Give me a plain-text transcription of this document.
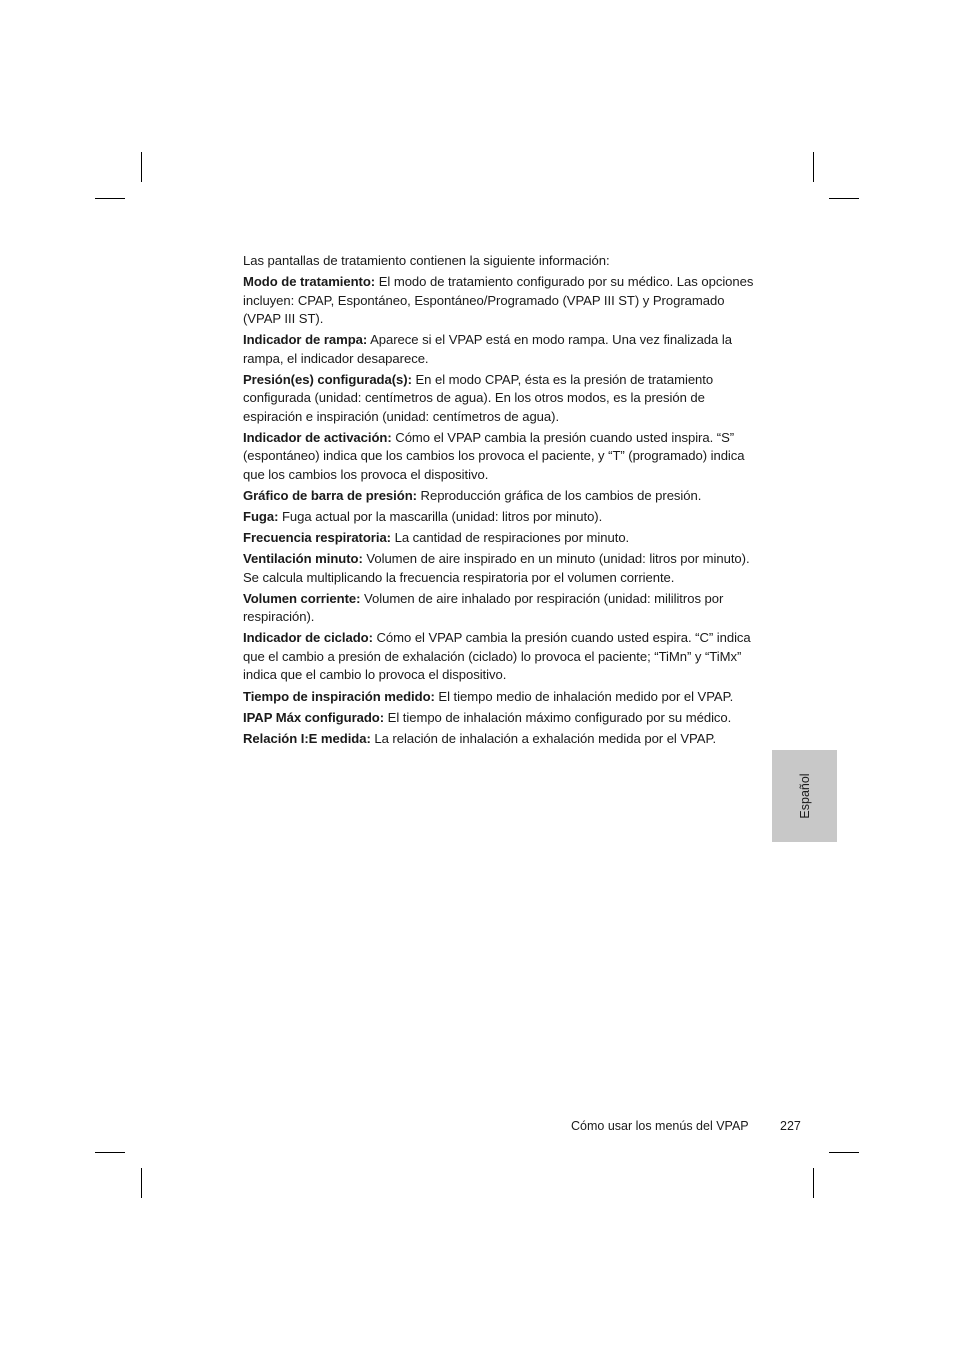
Las pantallas de tratamiento contienen la siguiente información:

Modo de tratamiento: El modo de tratamiento configurado por su médico. Las opciones incluyen: CPAP, Espontáneo, Espontáneo/Programado (VPAP III ST) y Programado (VPAP III ST).

Indicador de rampa: Aparece si el VPAP está en modo rampa. Una vez finalizada la rampa, el indicador desaparece.

Presión(es) configurada(s): En el modo CPAP, ésta es la presión de tratamiento configurada (unidad: centímetros de agua). En los otros modos, es la presión de espiración e inspiración (unidad: centímetros de agua).

Indicador de activación: Cómo el VPAP cambia la presión cuando usted inspira. “S” (espontáneo) indica que los cambios los provoca el paciente, y “T” (programado) indica que los cambios los provoca el dispositivo.

Gráfico de barra de presión: Reproducción gráfica de los cambios de presión.

Fuga: Fuga actual por la mascarilla (unidad: litros por minuto).

Frecuencia respiratoria: La cantidad de respiraciones por minuto.

Ventilación minuto: Volumen de aire inspirado en un minuto (unidad: litros por minuto). Se calcula multiplicando la frecuencia respiratoria por el volumen corriente.

Volumen corriente: Volumen de aire inhalado por respiración (unidad: mililitros por respiración).

Indicador de ciclado: Cómo el VPAP cambia la presión cuando usted espira. “C” indica que el cambio a presión de exhalación (ciclado) lo provoca el paciente; “TiMn” y “TiMx” indica que el cambio lo provoca el dispositivo.

Tiempo de inspiración medido: El tiempo medio de inhalación medido por el VPAP.

IPAP Máx configurado: El tiempo de inhalación máximo configurado por su médico.

Relación I:E medida: La relación de inhalación a exhalación medida por el VPAP.

Español
Cómo usar los menús del VPAP	227
